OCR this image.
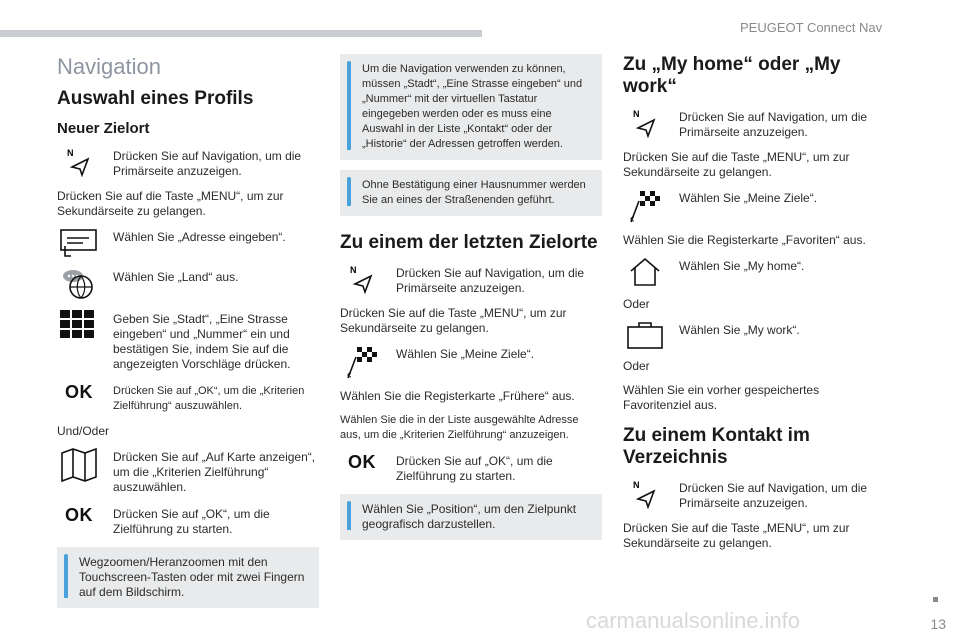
PEUGEOT Connect Nav
Navigation
Auswahl eines Profils
Neuer Zielort
N	Drücken Sie auf Navigation, um die Primärseite anzuzeigen.

Drücken Sie auf die Taste „MENU“, um zur Sekundärseite zu gelangen.

Wählen Sie „Adresse eingeben“.

Wählen Sie „Land“ aus.

Geben Sie „Stadt“, „Eine Strasse eingeben“ und „Nummer“ ein und bestätigen Sie, indem Sie auf die angezeigten Vorschläge drücken.

OK Drücken Sie auf „OK“, um die „Kriterien Zielführung“ auszuwählen.

Und/Oder

Drücken Sie auf „Auf Karte anzeigen“, um die „Kriterien Zielführung“ auszuwählen.

OK Drücken Sie auf „OK“, um die Zielführung zu starten.

Wegzoomen/Heranzoomen mit den Touchscreen-Tasten oder mit zwei Fingern auf dem Bildschirm.

Um die Navigation verwenden zu können, müssen „Stadt“, „Eine Strasse eingeben“ und „Nummer“ mit der virtuellen Tastatur eingegeben werden oder es muss eine Auswahl in der Liste „Kontakt“ oder der „Historie“ der Adressen getroffen werden.

Ohne Bestätigung einer Hausnummer werden Sie an eines der Straßenenden geführt.

Zu einem der letzten Zielorte
N	Drücken Sie auf Navigation, um die Primärseite anzuzeigen.

Drücken Sie auf die Taste „MENU“, um zur Sekundärseite zu gelangen.

Wählen Sie „Meine Ziele“.

Wählen Sie die Registerkarte „Frühere“ aus.

Wählen Sie die in der Liste ausgewählte Adresse aus, um die „Kriterien Zielführung“ anzuzeigen.

OK Drücken Sie auf „OK“, um die Zielführung zu starten.

Wählen Sie „Position“, um den Zielpunkt geografisch darzustellen.

Zu „My home“ oder „My work“
N	Drücken Sie auf Navigation, um die Primärseite anzuzeigen.

Drücken Sie auf die Taste „MENU“, um zur Sekundärseite zu gelangen.

Wählen Sie „Meine Ziele“.

Wählen Sie die Registerkarte „Favoriten“ aus.

Wählen Sie „My home“.

Oder

Wählen Sie „My work“.

Oder

Wählen Sie ein vorher gespeichertes Favoritenziel aus.

Zu einem Kontakt im Verzeichnis
N	Drücken Sie auf Navigation, um die Primärseite anzuzeigen.

Drücken Sie auf die Taste „MENU“, um zur Sekundärseite zu gelangen.

13
carmanualsonline.info
